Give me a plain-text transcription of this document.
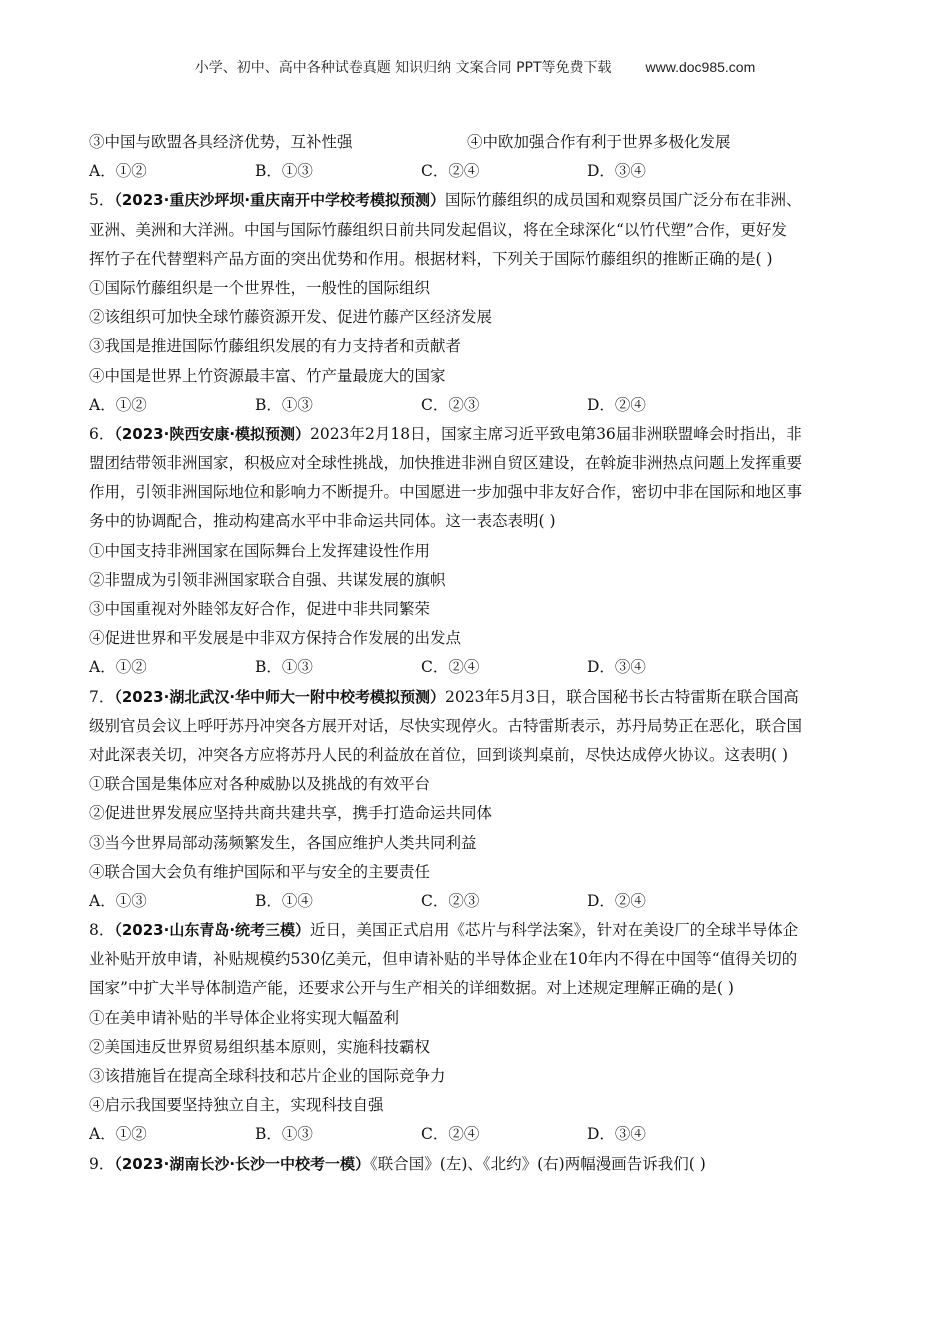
小学、初中、高中各种试卷真题 知识归纳 文案合同 PPT等免费下载 www.doc985.com
③中国与欧盟各具经济优势，互补性强	④中欧加强合作有利于世界多极化发展
A．①②	B．①③	C．②④	D．③④
5．（2023·重庆沙坪坝·重庆南开中学校考模拟预测）国际竹藤组织的成员国和观察员国广泛分布在非洲、
亚洲、美洲和大洋洲。中国与国际竹藤组织日前共同发起倡议，将在全球深化“以竹代塑”合作，更好发
挥竹子在代替塑料产品方面的突出优势和作用。根据材料，下列关于国际竹藤组织的推断正确的是( )
①国际竹藤组织是一个世界性，一般性的国际组织
②该组织可加快全球竹藤资源开发、促进竹藤产区经济发展
③我国是推进国际竹藤组织发展的有力支持者和贡献者
④中国是世界上竹资源最丰富、竹产量最庞大的国家
A．①②	B．①③	C．②③	D．②④
6．（2023·陕西安康·模拟预测）2023年2月18日，国家主席习近平致电第36届非洲联盟峰会时指出，非
盟团结带领非洲国家，积极应对全球性挑战，加快推进非洲自贸区建设，在斡旋非洲热点问题上发挥重要
作用，引领非洲国际地位和影响力不断提升。中国愿进一步加强中非友好合作，密切中非在国际和地区事
务中的协调配合，推动构建高水平中非命运共同体。这一表态表明( )
①中国支持非洲国家在国际舞台上发挥建设性作用
②非盟成为引领非洲国家联合自强、共谋发展的旗帜
③中国重视对外睦邻友好合作，促进中非共同繁荣
④促进世界和平发展是中非双方保持合作发展的出发点
A．①②	B．①③	C．②④	D．③④
7．（2023·湖北武汉·华中师大一附中校考模拟预测）2023年5月3日，联合国秘书长古特雷斯在联合国高
级别官员会议上呼吁苏丹冲突各方展开对话，尽快实现停火。古特雷斯表示，苏丹局势正在恶化，联合国
对此深表关切，冲突各方应将苏丹人民的利益放在首位，回到谈判桌前，尽快达成停火协议。这表明( )
①联合国是集体应对各种威胁以及挑战的有效平台
②促进世界发展应坚持共商共建共享，携手打造命运共同体
③当今世界局部动荡频繁发生，各国应维护人类共同利益
④联合国大会负有维护国际和平与安全的主要责任
A．①③	B．①④	C．②③	D．②④
8．（2023·山东青岛·统考三模）近日，美国正式启用《芯片与科学法案》，针对在美设厂的全球半导体企
业补贴开放申请，补贴规模约530亿美元，但申请补贴的半导体企业在10年内不得在中国等“值得关切的
国家”中扩大半导体制造产能，还要求公开与生产相关的详细数据。对上述规定理解正确的是( )
①在美申请补贴的半导体企业将实现大幅盈利
②美国违反世界贸易组织基本原则，实施科技霸权
③该措施旨在提高全球科技和芯片企业的国际竞争力
④启示我国要坚持独立自主，实现科技自强
A．①②	B．①③	C．②④	D．③④
9．（2023·湖南长沙·长沙一中校考一模）《联合国》(左)、《北约》(右)两幅漫画告诉我们( )
